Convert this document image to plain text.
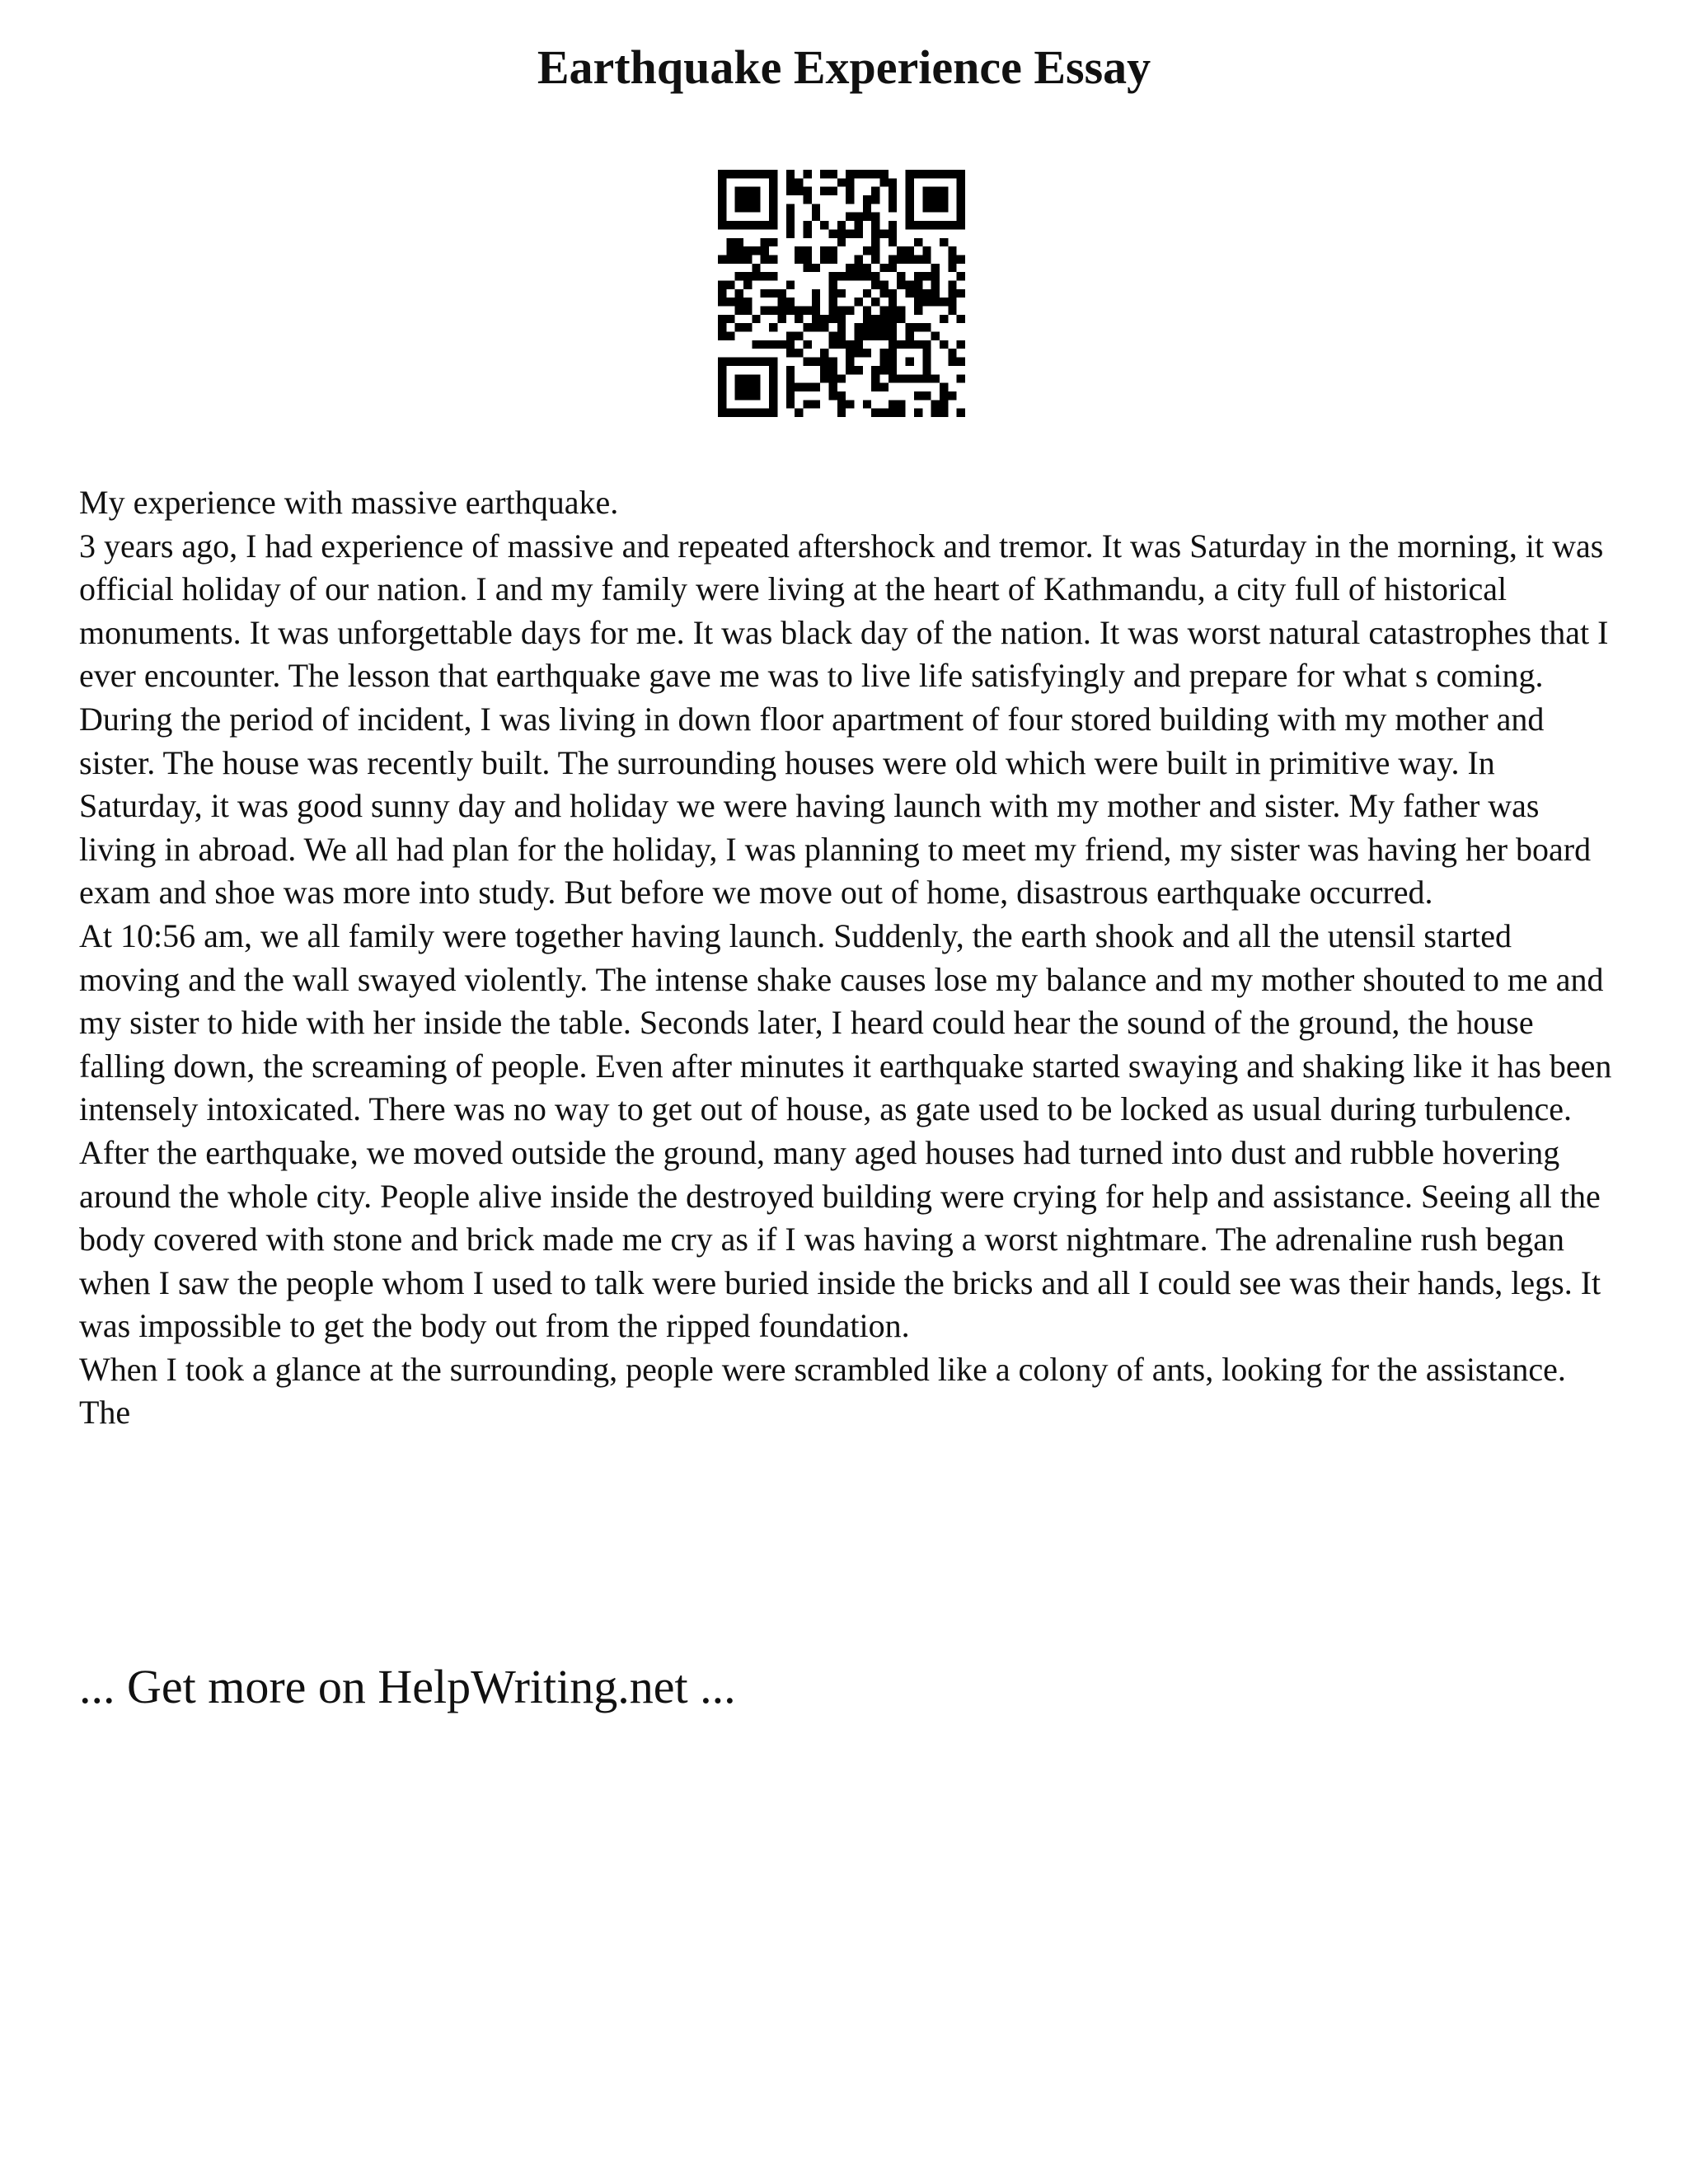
Earthquake Experience Essay

My experience with massive earthquake.

3 years ago, I had experience of massive and repeated aftershock and tremor. It was Saturday in the morning, it was official holiday of our nation. I and my family were living at the heart of Kathmandu, a city full of historical monuments. It was unforgettable days for me. It was black day of the nation. It was worst natural catastrophes that I ever encounter. The lesson that earthquake gave me was to live life satisfyingly and prepare for what s coming.

During the period of incident, I was living in down floor apartment of four stored building with my mother and sister. The house was recently built. The surrounding houses were old which were built in primitive way. In Saturday, it was good sunny day and holiday we were having launch with my mother and sister. My father was living in abroad. We all had plan for the holiday, I was planning to meet my friend, my sister was having her board exam and shoe was more into study. But before we move out of home, disastrous earthquake occurred.

At 10:56 am, we all family were together having launch. Suddenly, the earth shook and all the utensil started moving and the wall swayed violently. The intense shake causes lose my balance and my mother shouted to me and my sister to hide with her inside the table. Seconds later, I heard could hear the sound of the ground, the house falling down, the screaming of people. Even after minutes it earthquake started swaying and shaking like it has been intensely intoxicated. There was no way to get out of house, as gate used to be locked as usual during turbulence.

After the earthquake, we moved outside the ground, many aged houses had turned into dust and rubble hovering around the whole city. People alive inside the destroyed building were crying for help and assistance. Seeing all the body covered with stone and brick made me cry as if I was having a worst nightmare. The adrenaline rush began when I saw the people whom I used to talk were buried inside the bricks and all I could see was their hands, legs. It was impossible to get the body out from the ripped foundation.

When I took a glance at the surrounding, people were scrambled like a colony of ants, looking for the assistance. The

... Get more on HelpWriting.net ...
